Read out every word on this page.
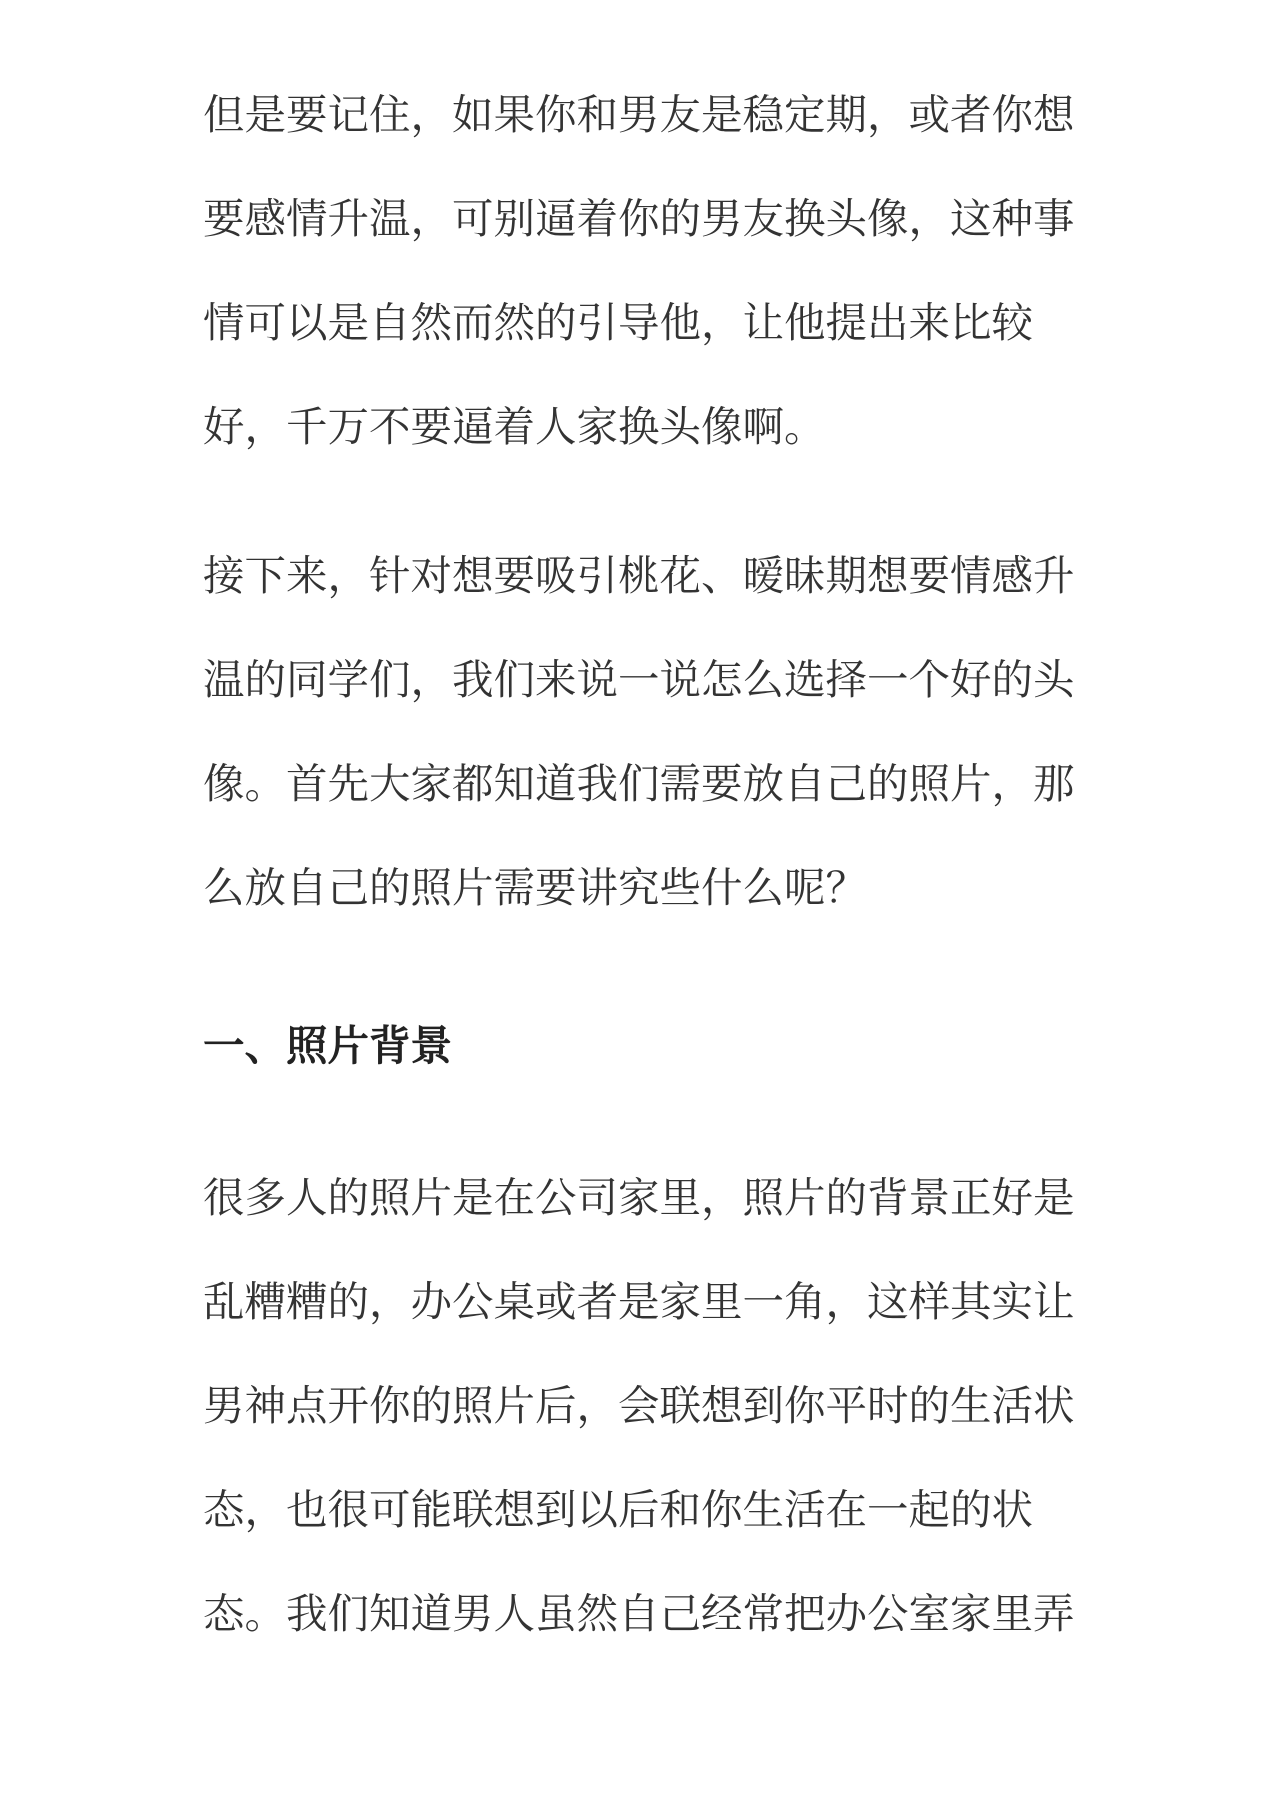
但是要记住，如果你和男友是稳定期，或者你想
要感情升温，可别逼着你的男友换头像，这种事
情可以是自然而然的引导他，让他提出来比较
好，千万不要逼着人家换头像啊。
接下来，针对想要吸引桃花、暧昧期想要情感升
温的同学们，我们来说一说怎么选择一个好的头
像。首先大家都知道我们需要放自己的照片，那
么放自己的照片需要讲究些什么呢？
一、照片背景
很多人的照片是在公司家里，照片的背景正好是
乱糟糟的，办公桌或者是家里一角，这样其实让
男神点开你的照片后，会联想到你平时的生活状
态，也很可能联想到以后和你生活在一起的状
态。我们知道男人虽然自己经常把办公室家里弄
